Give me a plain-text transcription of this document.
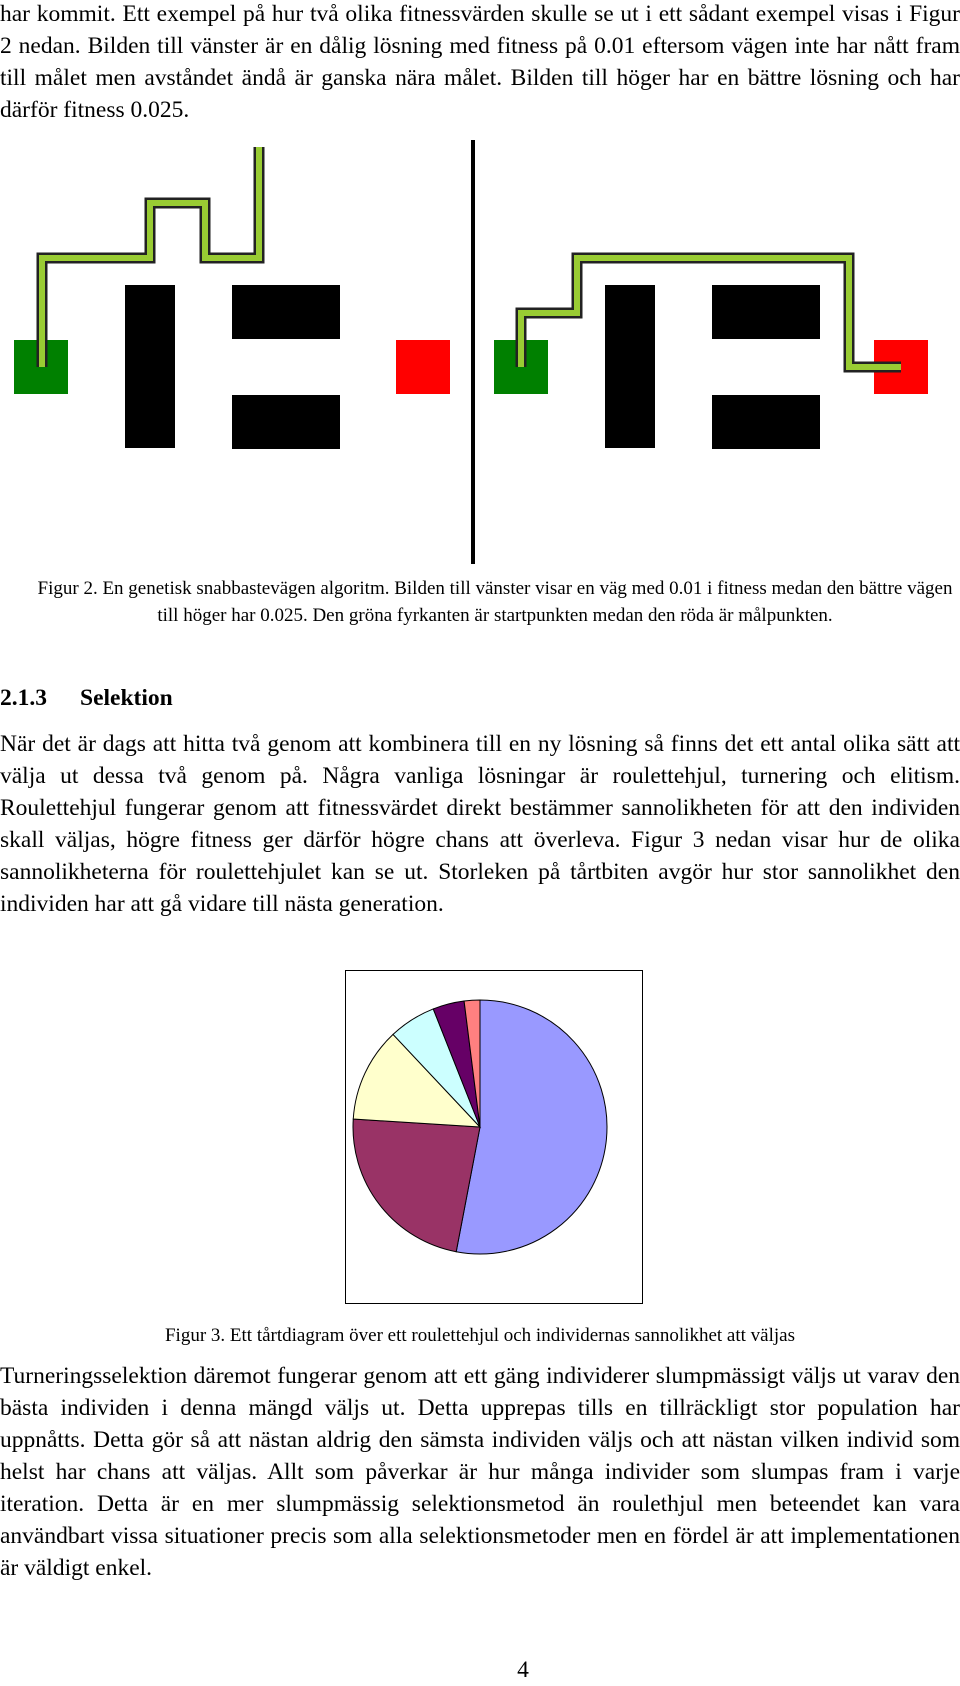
har kommit. Ett exempel på hur två olika fitnessvärden skulle se ut i ett sådant exempel visas i Figur 2 nedan. Bilden till vänster är en dålig lösning med fitness på 0.01 eftersom vägen inte har nått fram till målet men avståndet ändå är ganska nära målet. Bilden till höger har en bättre lösning och har därför fitness 0.025.

Figur 2. En genetisk snabbastevägen algoritm. Bilden till vänster visar en väg med 0.01 i fitness medan den bättre vägen till höger har 0.025. Den gröna fyrkanten är startpunkten medan den röda är målpunkten.

2.1.3 Selektion

När det är dags att hitta två genom att kombinera till en ny lösning så finns det ett antal olika sätt att välja ut dessa två genom på. Några vanliga lösningar är roulettehjul, turnering och elitism. Roulettehjul fungerar genom att fitnessvärdet direkt bestämmer sannolikheten för att den individen skall väljas, högre fitness ger därför högre chans att överleva. Figur 3 nedan visar hur de olika sannolikheterna för roulettehjulet kan se ut. Storleken på tårtbiten avgör hur stor sannolikhet den individen har att gå vidare till nästa generation.

Figur 3. Ett tårtdiagram över ett roulettehjul och individernas sannolikhet att väljas

Turneringsselektion däremot fungerar genom att ett gäng individerer slumpmässigt väljs ut varav den bästa individen i denna mängd väljs ut. Detta upprepas tills en tillräckligt stor population har uppnåtts. Detta gör så att nästan aldrig den sämsta individen väljs och att nästan vilken individ som helst har chans att väljas. Allt som påverkar är hur många individer som slumpas fram i varje iteration. Detta är en mer slumpmässig selektionsmetod än roulethjul men beteendet kan vara användbart vissa situationer precis som alla selektionsmetoder men en fördel är att implementationen är väldigt enkel.

4
